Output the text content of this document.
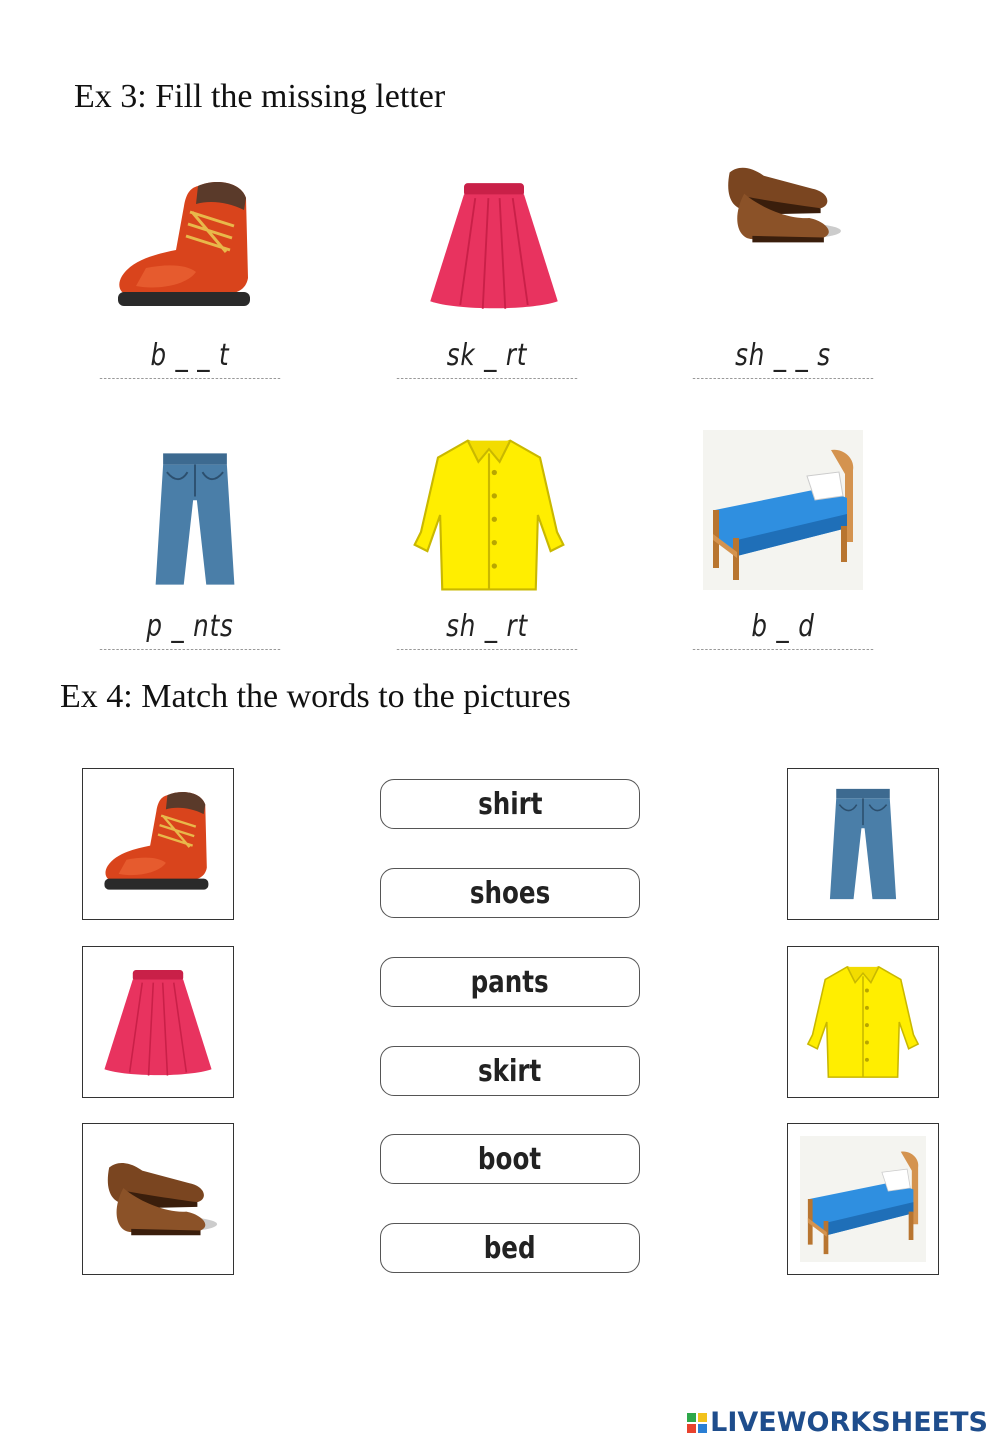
Ex 3: Fill the missing letter
b _ _ t	sk _ rt	sh _ _ s
p _ nts	sh _ rt	b _ d
Ex 4: Match the words to the pictures
shirt
shoes
pants
skirt
boot
bed
LIVEWORKSHEETS
